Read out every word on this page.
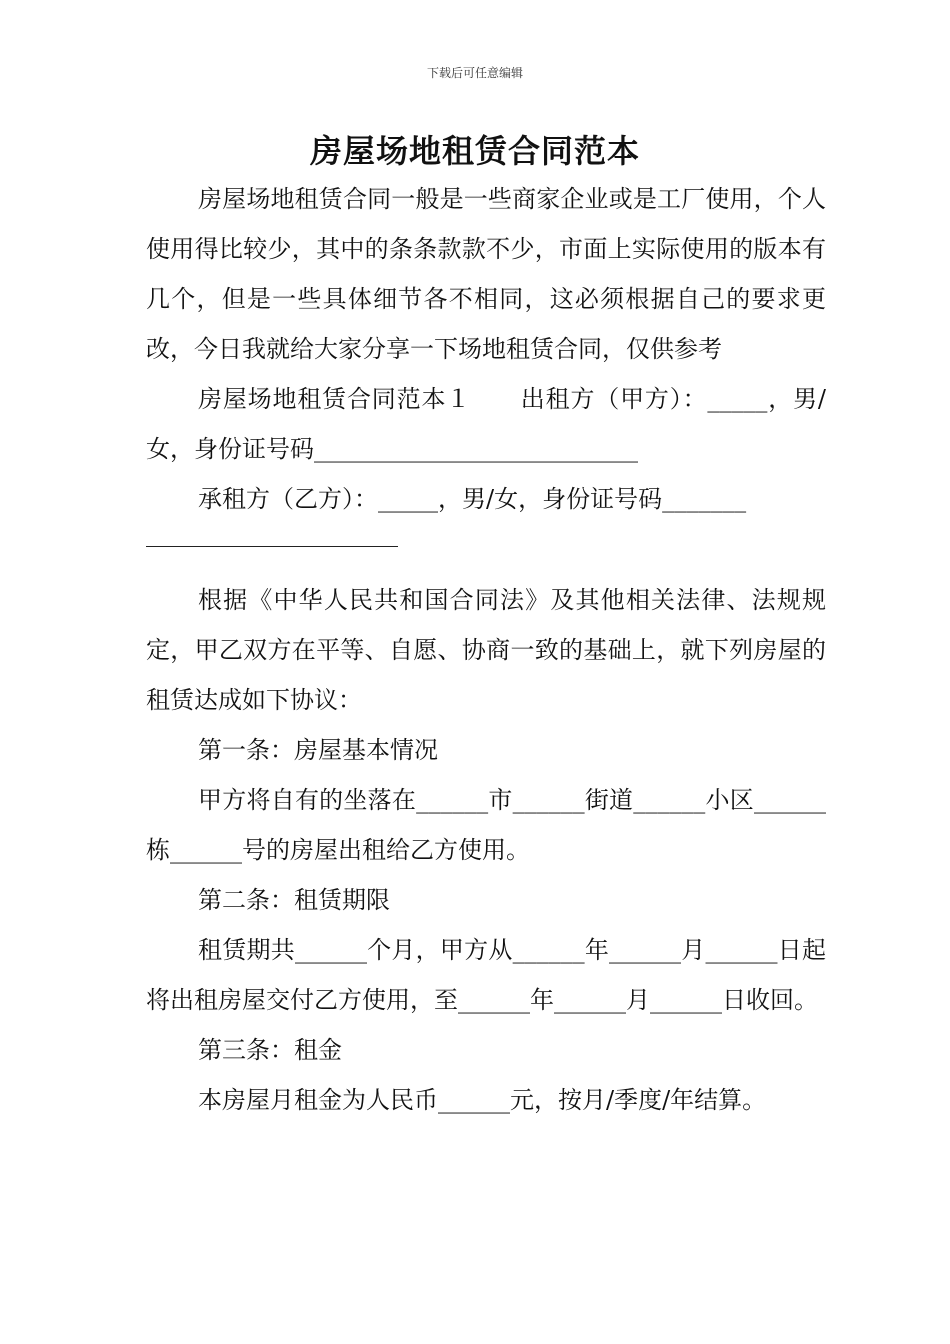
下载后可任意编辑
房屋场地租赁合同范本

房屋场地租赁合同一般是一些商家企业或是工厂使用，个人使用得比较少，其中的条条款款不少，市面上实际使用的版本有几个，但是一些具体细节各不相同，这必须根据自己的要求更改，今日我就给大家分享一下场地租赁合同，仅供参考

房屋场地租赁合同范本１　　出租方（甲方）：_____，男/女，身份证号码___________________________

承租方（乙方）：_____，男/女，身份证号码_______

根据《中华人民共和国合同法》及其他相关法律、法规规定，甲乙双方在平等、自愿、协商一致的基础上，就下列房屋的租赁达成如下协议：

第一条：房屋基本情况

甲方将自有的坐落在______市______街道______小区______栋______号的房屋出租给乙方使用。

第二条：租赁期限

租赁期共______个月，甲方从______年______月______日起将出租房屋交付乙方使用，至______年______月______日收回。

第三条：租金

本房屋月租金为人民币______元，按月/季度/年结算。
